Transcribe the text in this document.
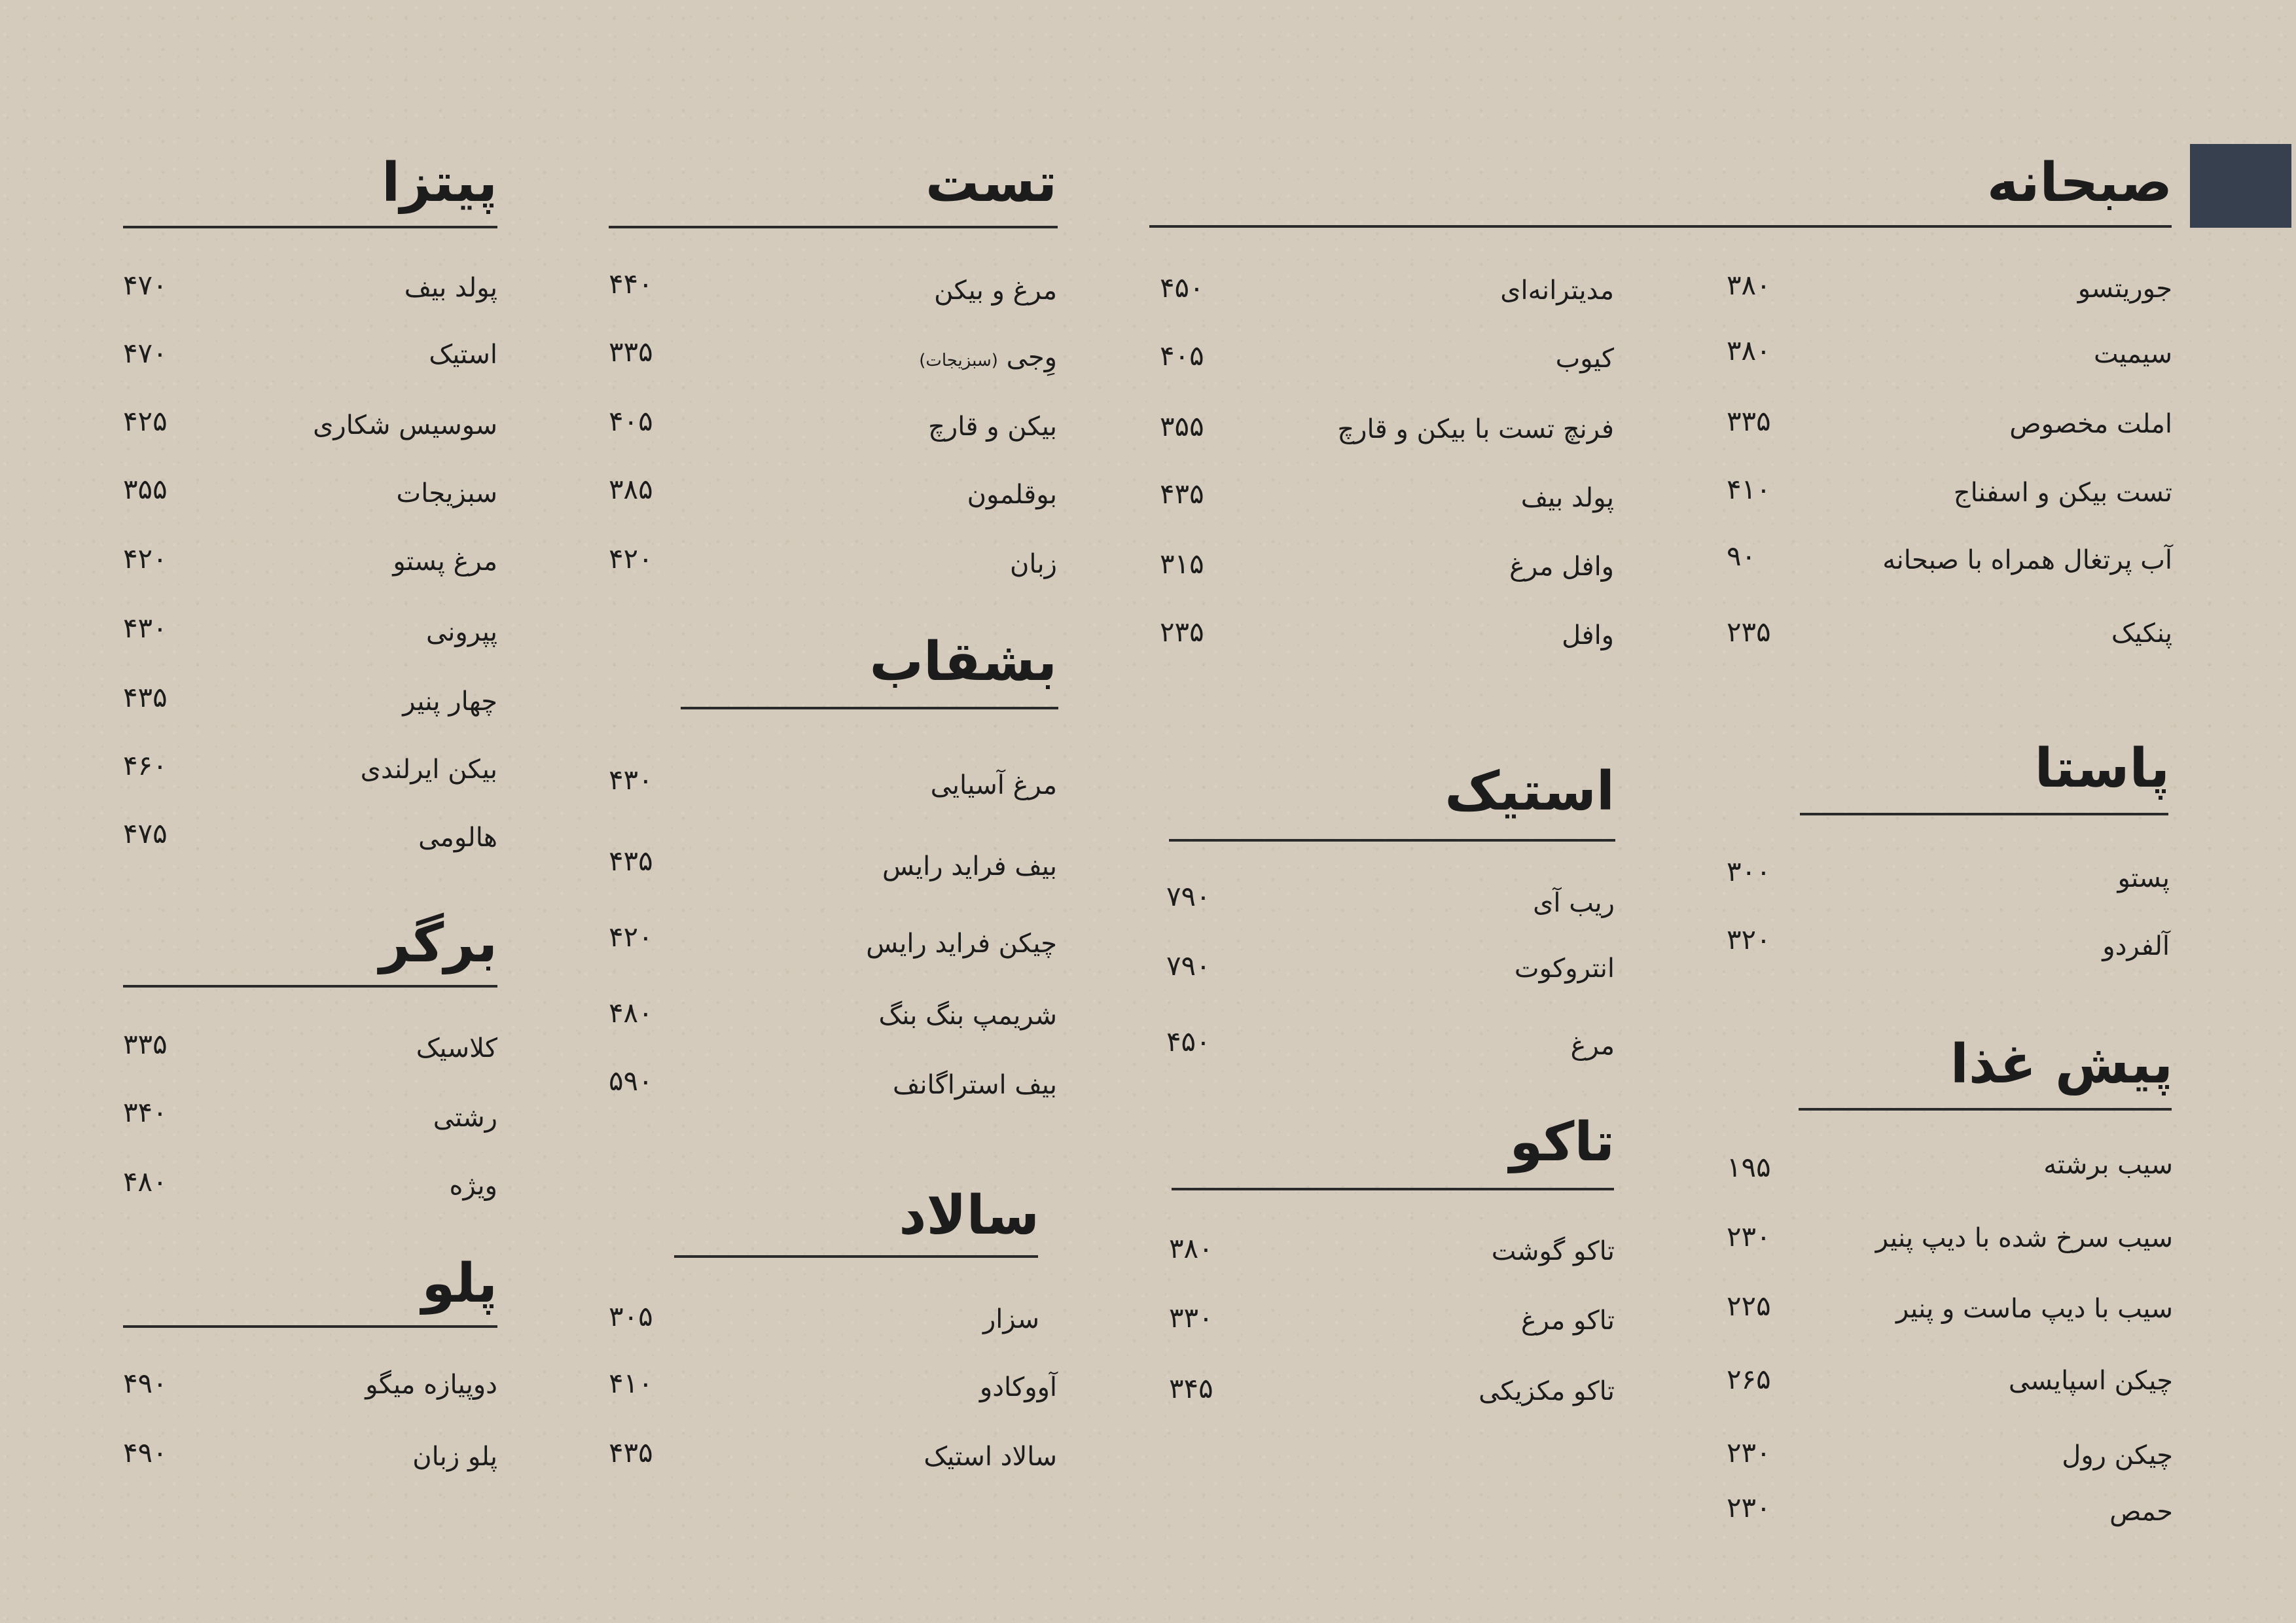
صبحانه
جوریتسو
۳۸۰
سیمیت
۳۸۰
املت مخصوص
۳۳۵
تست بیکن و اسفناج
۴۱۰
آب پرتغال همراه با صبحانه
۹۰
پنکیک
۲۳۵
مدیترانه‌ای
۴۵۰
کیوب
۴۰۵
فرنچ تست با بیکن و قارچ
۳۵۵
پولد بیف
۴۳۵
وافل مرغ
۳۱۵
وافل
۲۳۵
پاستا
پستو
۳۰۰
آلفردو
۳۲۰
پیش غذا
سیب برشته
۱۹۵
سیب سرخ شده با دیپ پنیر
۲۳۰
سیب با دیپ ماست و پنیر
۲۲۵
چیکن اسپایسی
۲۶۵
چیکن رول
۲۳۰
حمص
۲۳۰
استیک
ریب آی
۷۹۰
انتروکوت
۷۹۰
مرغ
۴۵۰
تاکو
تاکو گوشت
۳۸۰
تاکو مرغ
۳۳۰
تاکو مکزیکی
۳۴۵
تست
مرغ و بیکن
۴۴۰
وِجی (سبزیجات)
۳۳۵
بیکن و قارچ
۴۰۵
بوقلمون
۳۸۵
زبان
۴۲۰
بشقاب
مرغ آسیایی
۴۳۰
بیف فراید رایس
۴۳۵
چیکن فراید رایس
۴۲۰
شریمپ بنگ بنگ
۴۸۰
بیف استراگانف
۵۹۰
سالاد
سزار
۳۰۵
آووکادو
۴۱۰
سالاد استیک
۴۳۵
پیتزا
پولد بیف
۴۷۰
استیک
۴۷۰
سوسیس شکاری
۴۲۵
سبزیجات
۳۵۵
مرغ پستو
۴۲۰
پپرونی
۴۳۰
چهار پنیر
۴۳۵
بیکن ایرلندی
۴۶۰
هالومی
۴۷۵
برگر
کلاسیک
۳۳۵
رشتی
۳۴۰
ویژه
۴۸۰
پلو
دوپیازه میگو
۴۹۰
پلو زبان
۴۹۰
